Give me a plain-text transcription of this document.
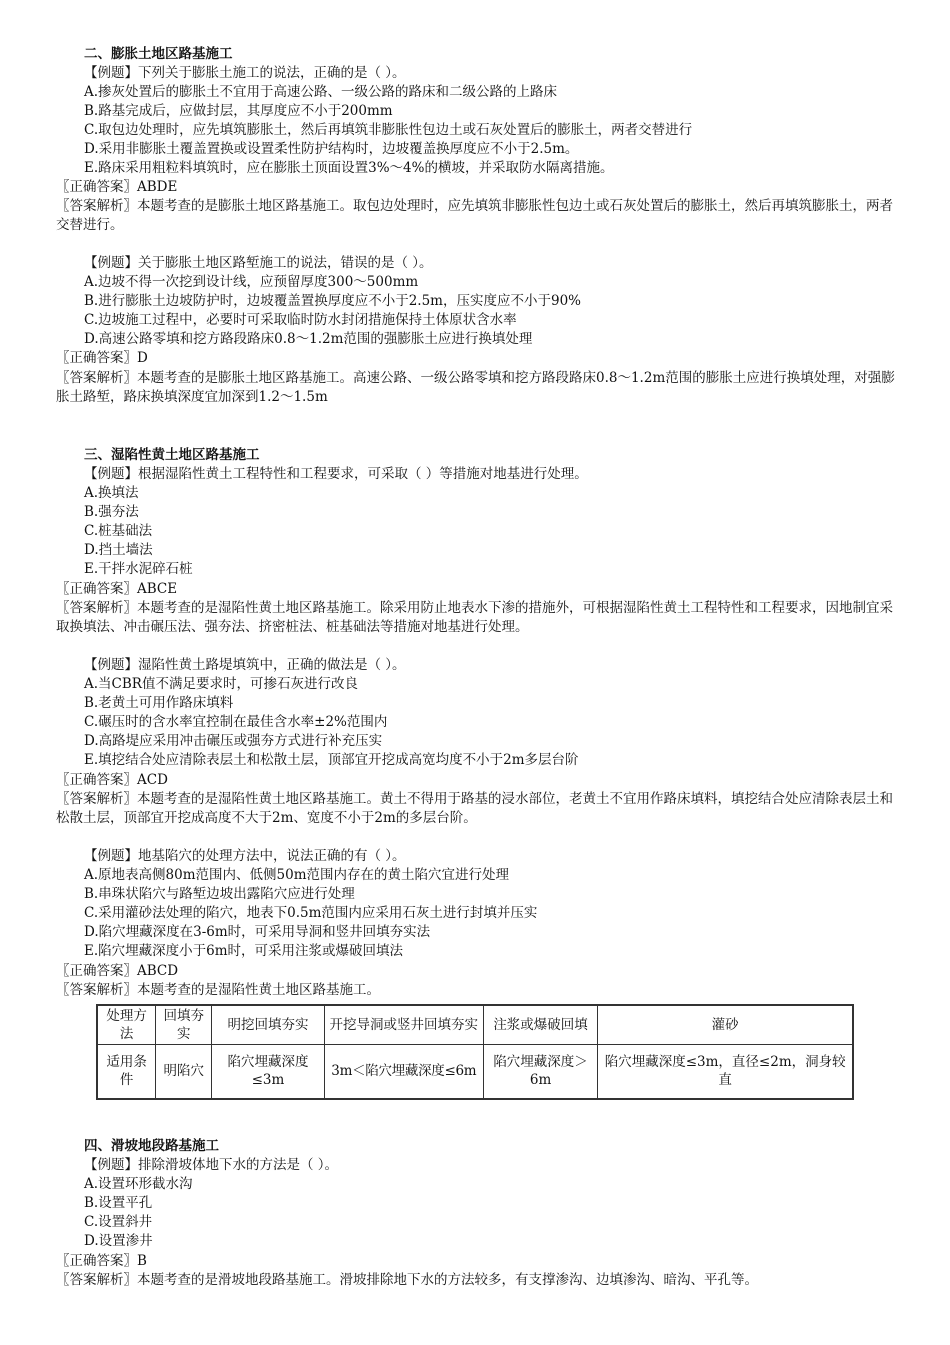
二、膨胀土地区路基施工
【例题】下列关于膨胀土施工的说法，正确的是（ ）。
A.掺灰处置后的膨胀土不宜用于高速公路、一级公路的路床和二级公路的上路床
B.路基完成后，应做封层，其厚度应不小于200mm
C.取包边处理时，应先填筑膨胀土，然后再填筑非膨胀性包边土或石灰处置后的膨胀土，两者交替进行
D.采用非膨胀土覆盖置换或设置柔性防护结构时，边坡覆盖换厚度应不小于2.5m。
E.路床采用粗粒料填筑时，应在膨胀土顶面设置3%～4%的横坡，并采取防水隔离措施。
〖正确答案〗ABDE
〖答案解析〗本题考查的是膨胀土地区路基施工。取包边处理时，应先填筑非膨胀性包边土或石灰处置后的膨胀土，然后再填筑膨胀土，两者交替进行。
【例题】关于膨胀土地区路堑施工的说法，错误的是（ ）。
A.边坡不得一次挖到设计线，应预留厚度300～500mm
B.进行膨胀土边坡防护时，边坡覆盖置换厚度应不小于2.5m，压实度应不小于90%
C.边坡施工过程中，必要时可采取临时防水封闭措施保持土体原状含水率
D.高速公路零填和挖方路段路床0.8～1.2m范围的强膨胀土应进行换填处理
〖正确答案〗D
〖答案解析〗本题考查的是膨胀土地区路基施工。高速公路、一级公路零填和挖方路段路床0.8～1.2m范围的膨胀土应进行换填处理，对强膨胀土路堑，路床换填深度宜加深到1.2～1.5m
三、湿陷性黄土地区路基施工
【例题】根据湿陷性黄土工程特性和工程要求，可采取（ ）等措施对地基进行处理。
A.换填法
B.强夯法
C.桩基础法
D.挡土墙法
E.干拌水泥碎石桩
〖正确答案〗ABCE
〖答案解析〗本题考查的是湿陷性黄土地区路基施工。除采用防止地表水下渗的措施外，可根据湿陷性黄土工程特性和工程要求，因地制宜采取换填法、冲击碾压法、强夯法、挤密桩法、桩基础法等措施对地基进行处理。
【例题】湿陷性黄土路堤填筑中，正确的做法是（ ）。
A.当CBR值不满足要求时，可掺石灰进行改良
B.老黄土可用作路床填料
C.碾压时的含水率宜控制在最佳含水率±2%范围内
D.高路堤应采用冲击碾压或强夯方式进行补充压实
E.填挖结合处应清除表层土和松散土层，顶部宜开挖成高宽均度不小于2m多层台阶
〖正确答案〗ACD
〖答案解析〗本题考查的是湿陷性黄土地区路基施工。黄土不得用于路基的浸水部位，老黄土不宜用作路床填料，填挖结合处应清除表层土和松散土层，顶部宜开挖成高度不大于2m、宽度不小于2m的多层台阶。
【例题】地基陷穴的处理方法中，说法正确的有（ ）。
A.原地表高侧80m范围内、低侧50m范围内存在的黄土陷穴宜进行处理
B.串珠状陷穴与路堑边坡出露陷穴应进行处理
C.采用灌砂法处理的陷穴，地表下0.5m范围内应采用石灰土进行封填并压实
D.陷穴埋藏深度在3-6m时，可采用导洞和竖井回填夯实法
E.陷穴埋藏深度小于6m时，可采用注浆或爆破回填法
〖正确答案〗ABCD
〖答案解析〗本题考查的是湿陷性黄土地区路基施工。
处理方法	回填夯实	明挖回填夯实	开挖导洞或竖井回填夯实	注浆或爆破回填	灌砂
适用条件	明陷穴	陷穴埋藏深度≤3m	3m＜陷穴埋藏深度≤6m	陷穴埋藏深度＞6m	陷穴埋藏深度≤3m，直径≤2m，洞身较直
四、滑坡地段路基施工
【例题】排除滑坡体地下水的方法是（ ）。
A.设置环形截水沟
B.设置平孔
C.设置斜井
D.设置渗井
〖正确答案〗B
〖答案解析〗本题考查的是滑坡地段路基施工。滑坡排除地下水的方法较多，有支撑渗沟、边填渗沟、暗沟、平孔等。
